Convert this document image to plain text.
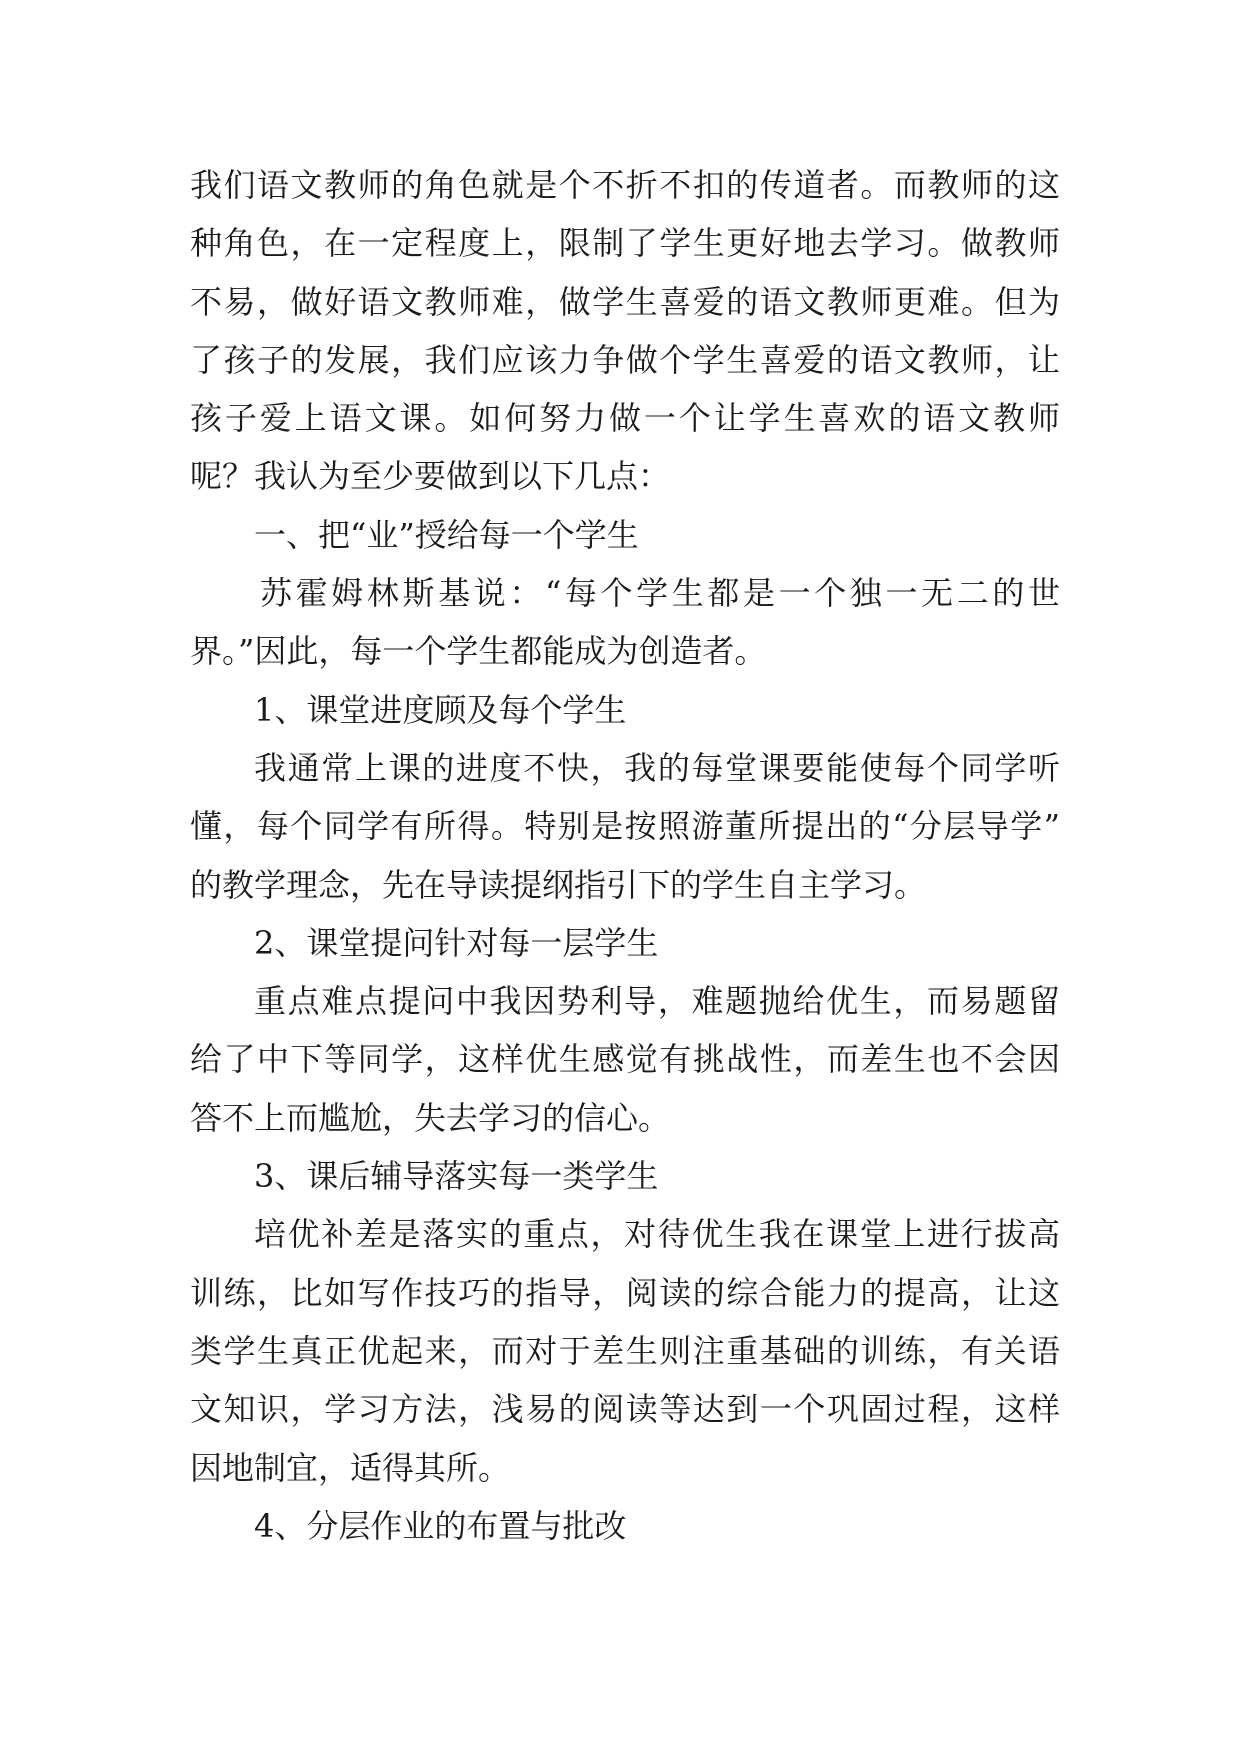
我们语文教师的角色就是个不折不扣的传道者。而教师的这
种角色，在一定程度上，限制了学生更好地去学习。做教师
不易，做好语文教师难，做学生喜爱的语文教师更难。但为
了孩子的发展，我们应该力争做个学生喜爱的语文教师，让
孩子爱上语文课。如何努力做一个让学生喜欢的语文教师
呢？我认为至少要做到以下几点：
一、把“业”授给每一个学生
苏霍姆林斯基说：“每个学生都是一个独一无二的世
界。”因此，每一个学生都能成为创造者。
1、课堂进度顾及每个学生
我通常上课的进度不快，我的每堂课要能使每个同学听
懂，每个同学有所得。特别是按照游董所提出的“分层导学”
的教学理念，先在导读提纲指引下的学生自主学习。
2、课堂提问针对每一层学生
重点难点提问中我因势利导，难题抛给优生，而易题留
给了中下等同学，这样优生感觉有挑战性，而差生也不会因
答不上而尴尬，失去学习的信心。
3、课后辅导落实每一类学生
培优补差是落实的重点，对待优生我在课堂上进行拔高
训练，比如写作技巧的指导，阅读的综合能力的提高，让这
类学生真正优起来，而对于差生则注重基础的训练，有关语
文知识，学习方法，浅易的阅读等达到一个巩固过程，这样
因地制宜，适得其所。
4、分层作业的布置与批改
